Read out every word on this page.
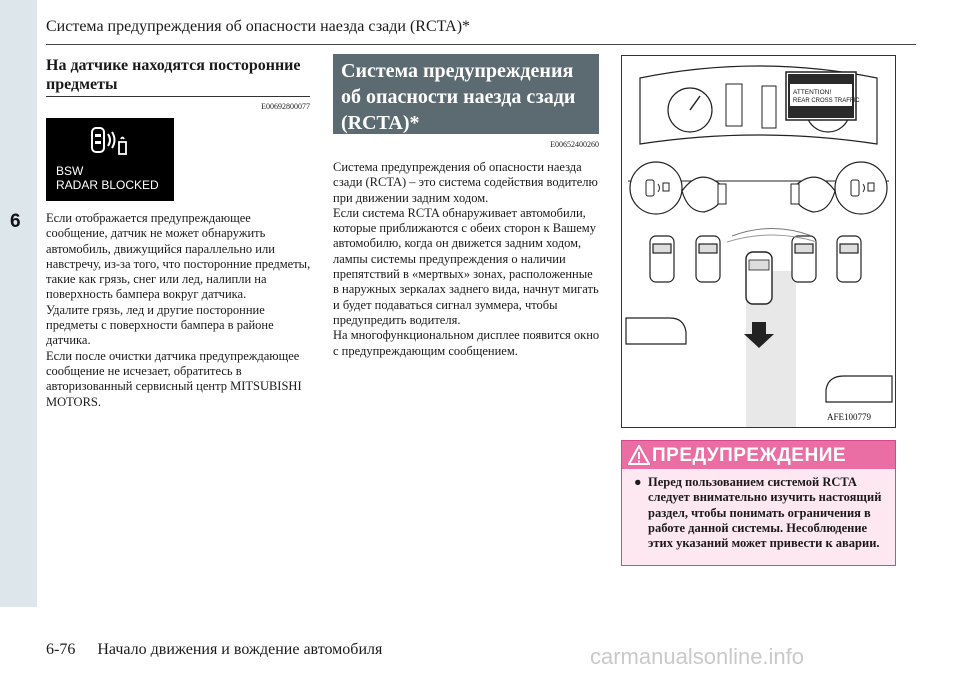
6
Система предупреждения об опасности наезда сзади (RCTA)*
На датчике находятся посторонние предметы
E00692800077
BSW
RADAR BLOCKED

Если отображается предупреждающее сообщение, датчик не может обнаружить автомобиль, движущийся параллельно или навстречу, из-за того, что посторонние предметы, такие как грязь, снег или лед, налипли на поверхность бампера вокруг датчика.

Удалите грязь, лед и другие посторонние предметы с поверхности бампера в районе датчика.

Если после очистки датчика предупреждающее сообщение не исчезает, обратитесь в авторизованный сервисный центр MITSUBISHI MOTORS.

Система предупреждения об опасности наезда сзади (RCTA)*
E00652400260

Система предупреждения об опасности наезда сзади (RCTA) – это система содействия водителю при движении задним ходом.

Если система RCTA обнаруживает автомобили, которые приближаются с обеих сторон к Вашему автомобилю, когда он движется задним ходом, лампы системы предупреждения о наличии препятствий в «мертвых» зонах, расположенные в наружных зеркалах заднего вида, начнут мигать и будет подаваться сигнал зуммера, чтобы предупредить водителя.

На многофункциональном дисплее появится окно с предупреждающим сообщением.

ATTENTION!
REAR CROSS TRAFFIC
AFE100779
ПРЕДУПРЕЖДЕНИЕ
● Перед пользованием системой RCTA следует внимательно изучить настоящий раздел, чтобы понимать ограничения в работе данной системы. Несоблюдение этих указаний может привести к аварии.
6-76 Начало движения и вождение автомобиля	carmanualsonline.info
